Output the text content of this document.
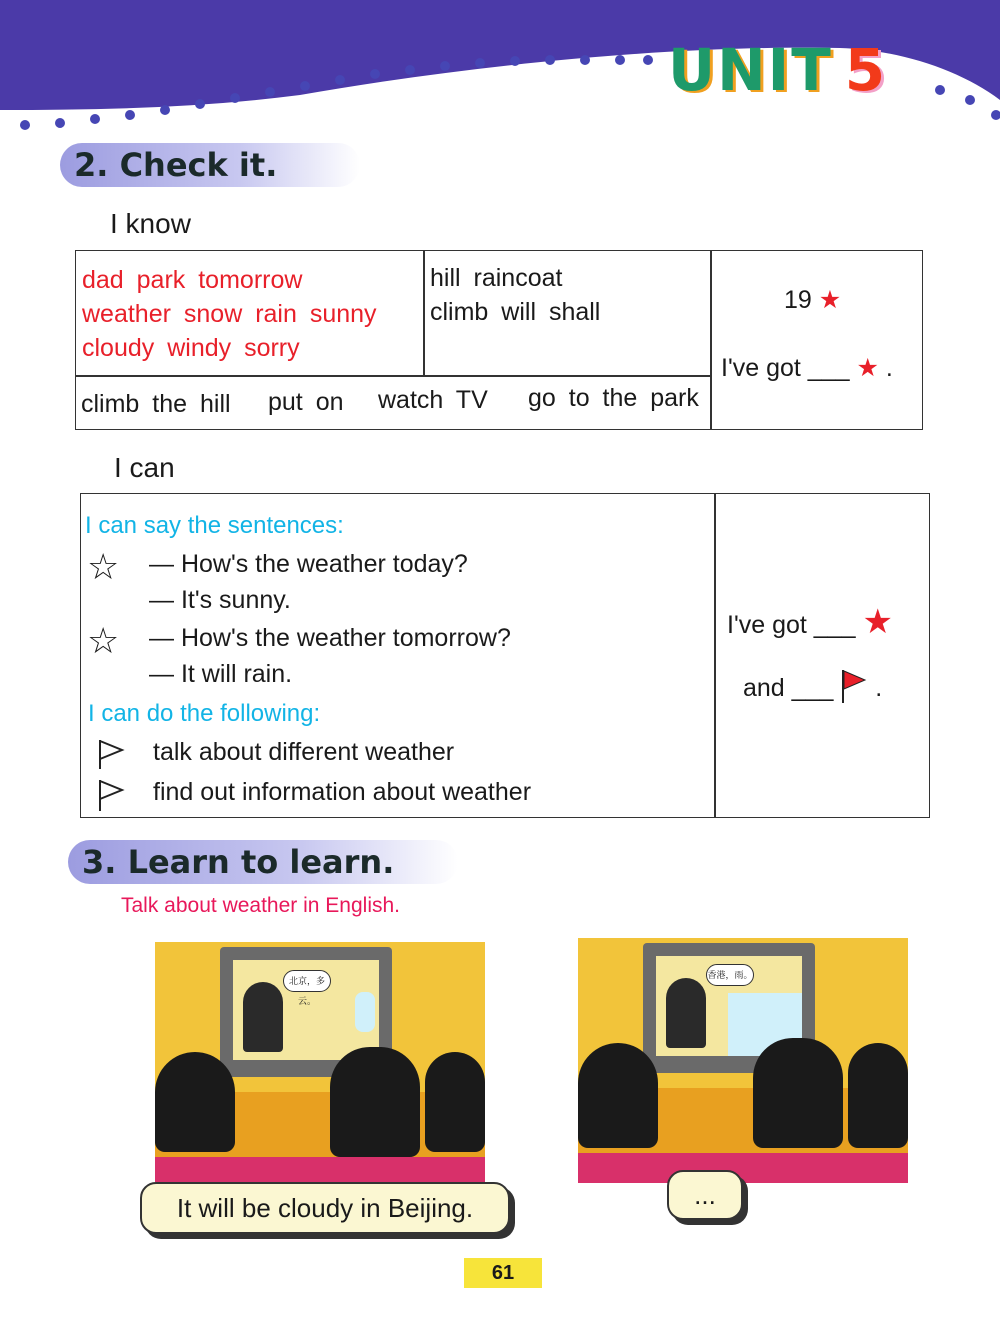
UNIT 5
2. Check it.
I know
dad park tomorrow
weather snow rain sunny
cloudy windy sorry
hill raincoat
climb will shall
climb the hill put on watch TV go to the park
19 ★
I've got ___ ★ .
I can
I can say the sentences:
☆ — How's the weather today?
— It's sunny.
☆ — How's the weather tomorrow?
— It will rain.
I can do the following:
talk about different weather
find out information about weather
I've got ___ ★
and ___ .
3. Learn to learn.
Talk about weather in English.
北京，多云。
It will be cloudy in Beijing.
香港，雨。
...
61
